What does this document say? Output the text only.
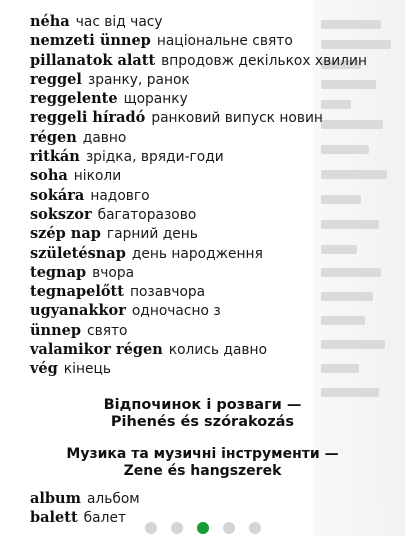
néha час від часу
nemzeti ünnep національне свято
pillanatok alatt впродовж декількох хвилин
reggel зранку, ранок
reggelente щоранку
reggeli híradó ранковий випуск новин
régen давно
ritkán зрідка, вряди-годи
soha ніколи
sokára надовго
sokszor багаторазово
szép nap гарний день
születésnap день народження
tegnap вчора
tegnapelőtt позавчора
ugyanakkor одночасно з
ünnep свято
valamikor régen колись давно
vég кінець
Відпочинок і розваги —
Pihenés és szórakozás
Музика та музичні інструменти —
Zene és hangszerek
album альбом
balett балет
